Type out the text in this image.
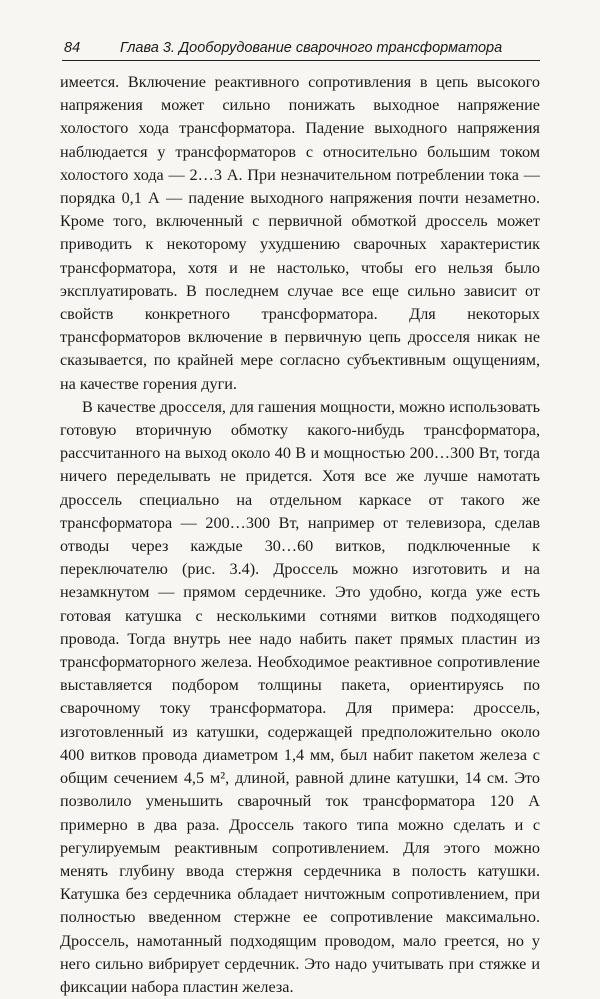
84	Глава 3. Дооборудование сварочного трансформатора

имеется. Включение реактивного сопротивления в цепь высокого напряжения может сильно понижать выходное напряжение холостого хода трансформатора. Падение выходного напряжения наблюдается у трансформаторов с относительно большим током холостого хода — 2…3 А. При незначительном потреблении тока — порядка 0,1 А — падение выходного напряжения почти незаметно. Кроме того, включенный с первичной обмоткой дроссель может приводить к некоторому ухудшению сварочных характеристик трансформатора, хотя и не настолько, чтобы его нельзя было эксплуатировать. В последнем случае все еще сильно зависит от свойств конкретного трансформатора. Для некоторых трансформаторов включение в первичную цепь дросселя никак не сказывается, по крайней мере согласно субъективным ощущениям, на качестве горения дуги.

В качестве дросселя, для гашения мощности, можно использовать готовую вторичную обмотку какого-нибудь трансформатора, рассчитанного на выход около 40 В и мощностью 200…300 Вт, тогда ничего переделывать не придется. Хотя все же лучше намотать дроссель специально на отдельном каркасе от такого же трансформатора — 200…300 Вт, например от телевизора, сделав отводы через каждые 30…60 витков, подключенные к переключателю (рис. 3.4). Дроссель можно изготовить и на незамкнутом — прямом сердечнике. Это удобно, когда уже есть готовая катушка с несколькими сотнями витков подходящего провода. Тогда внутрь нее надо набить пакет прямых пластин из трансформаторного железа. Необходимое реактивное сопротивление выставляется подбором толщины пакета, ориентируясь по сварочному току трансформатора. Для примера: дроссель, изготовленный из катушки, содержащей предположительно около 400 витков провода диаметром 1,4 мм, был набит пакетом железа с общим сечением 4,5 м², длиной, равной длине катушки, 14 см. Это позволило уменьшить сварочный ток трансформатора 120 А примерно в два раза. Дроссель такого типа можно сделать и с регулируемым реактивным сопротивлением. Для этого можно менять глубину ввода стержня сердечника в полость катушки. Катушка без сердечника обладает ничтожным сопротивлением, при полностью введенном стержне ее сопротивление максимально. Дроссель, намотанный подходящим проводом, мало греется, но у него сильно вибрирует сердечник. Это надо учитывать при стяжке и фиксации набора пластин железа.
